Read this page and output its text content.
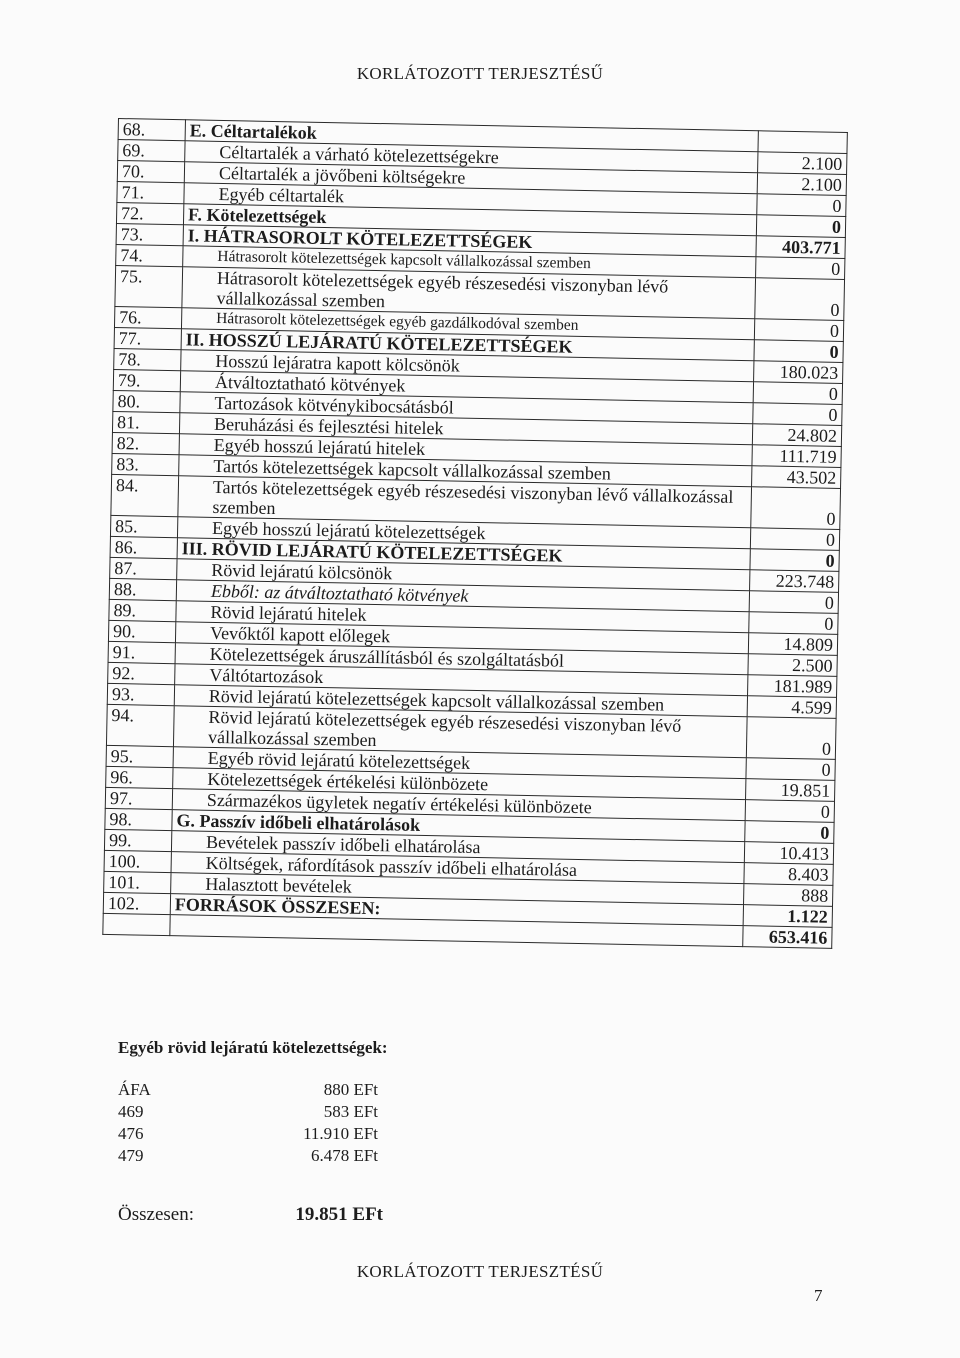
KORLÁTOZOTT TERJESZTÉSŰ
68.	E. Céltartalékok	

69.	Céltartalék a várható kötelezettségekre	2.100
70.	Céltartalék a jövőbeni költségekre	2.100
71.	Egyéb céltartalék	0
72.	F. Kötelezettségek	0
73.	I. HÁTRASOROLT KÖTELEZETTSÉGEK	403.771
74.	Hátrasorolt kötelezettségek kapcsolt vállalkozással szemben	0
75.	Hátrasorolt kötelezettségek egyéb részesedési viszonyban lévő vállalkozással szemben	0
76.	Hátrasorolt kötelezettségek egyéb gazdálkodóval szemben	0
77.	II. HOSSZÚ LEJÁRATÚ KÖTELEZETTSÉGEK	0
78.	Hosszú lejáratra kapott kölcsönök	180.023
79.	Átváltoztatható kötvények	0
80.	Tartozások kötvénykibocsátásból	0
81.	Beruházási és fejlesztési hitelek	24.802
82.	Egyéb hosszú lejáratú hitelek	111.719
83.	Tartós kötelezettségek kapcsolt vállalkozással szemben	43.502
84.	Tartós kötelezettségek egyéb részesedési viszonyban lévő vállalkozással szemben	0
85.	Egyéb hosszú lejáratú kötelezettségek	0
86.	III. RÖVID LEJÁRATÚ KÖTELEZETTSÉGEK	0
87.	Rövid lejáratú kölcsönök	223.748
88.	Ebből: az átváltoztatható kötvények	0
89.	Rövid lejáratú hitelek	0
90.	Vevőktől kapott előlegek	14.809
91.	Kötelezettségek áruszállításból és szolgáltatásból	2.500
92.	Váltótartozások	181.989
93.	Rövid lejáratú kötelezettségek kapcsolt vállalkozással szemben	4.599
94.	Rövid lejáratú kötelezettségek egyéb részesedési viszonyban lévő vállalkozással szemben	0
95.	Egyéb rövid lejáratú kötelezettségek	0
96.	Kötelezettségek értékelési különbözete	19.851
97.	Származékos ügyletek negatív értékelési különbözete	0
98.	G. Passzív időbeli elhatárolások	0
99.	Bevételek passzív időbeli elhatárolása	10.413
100.	Költségek, ráfordítások passzív időbeli elhatárolása	8.403
101.	Halasztott bevételek	888
102.	FORRÁSOK ÖSSZESEN:	1.122

	653.416
Egyéb rövid lejáratú kötelezettségek:
ÁFA	880 EFt
469	583 EFt
476	11.910 EFt
479	6.478 EFt
Összesen:	19.851 EFt
KORLÁTOZOTT TERJESZTÉSŰ
7
